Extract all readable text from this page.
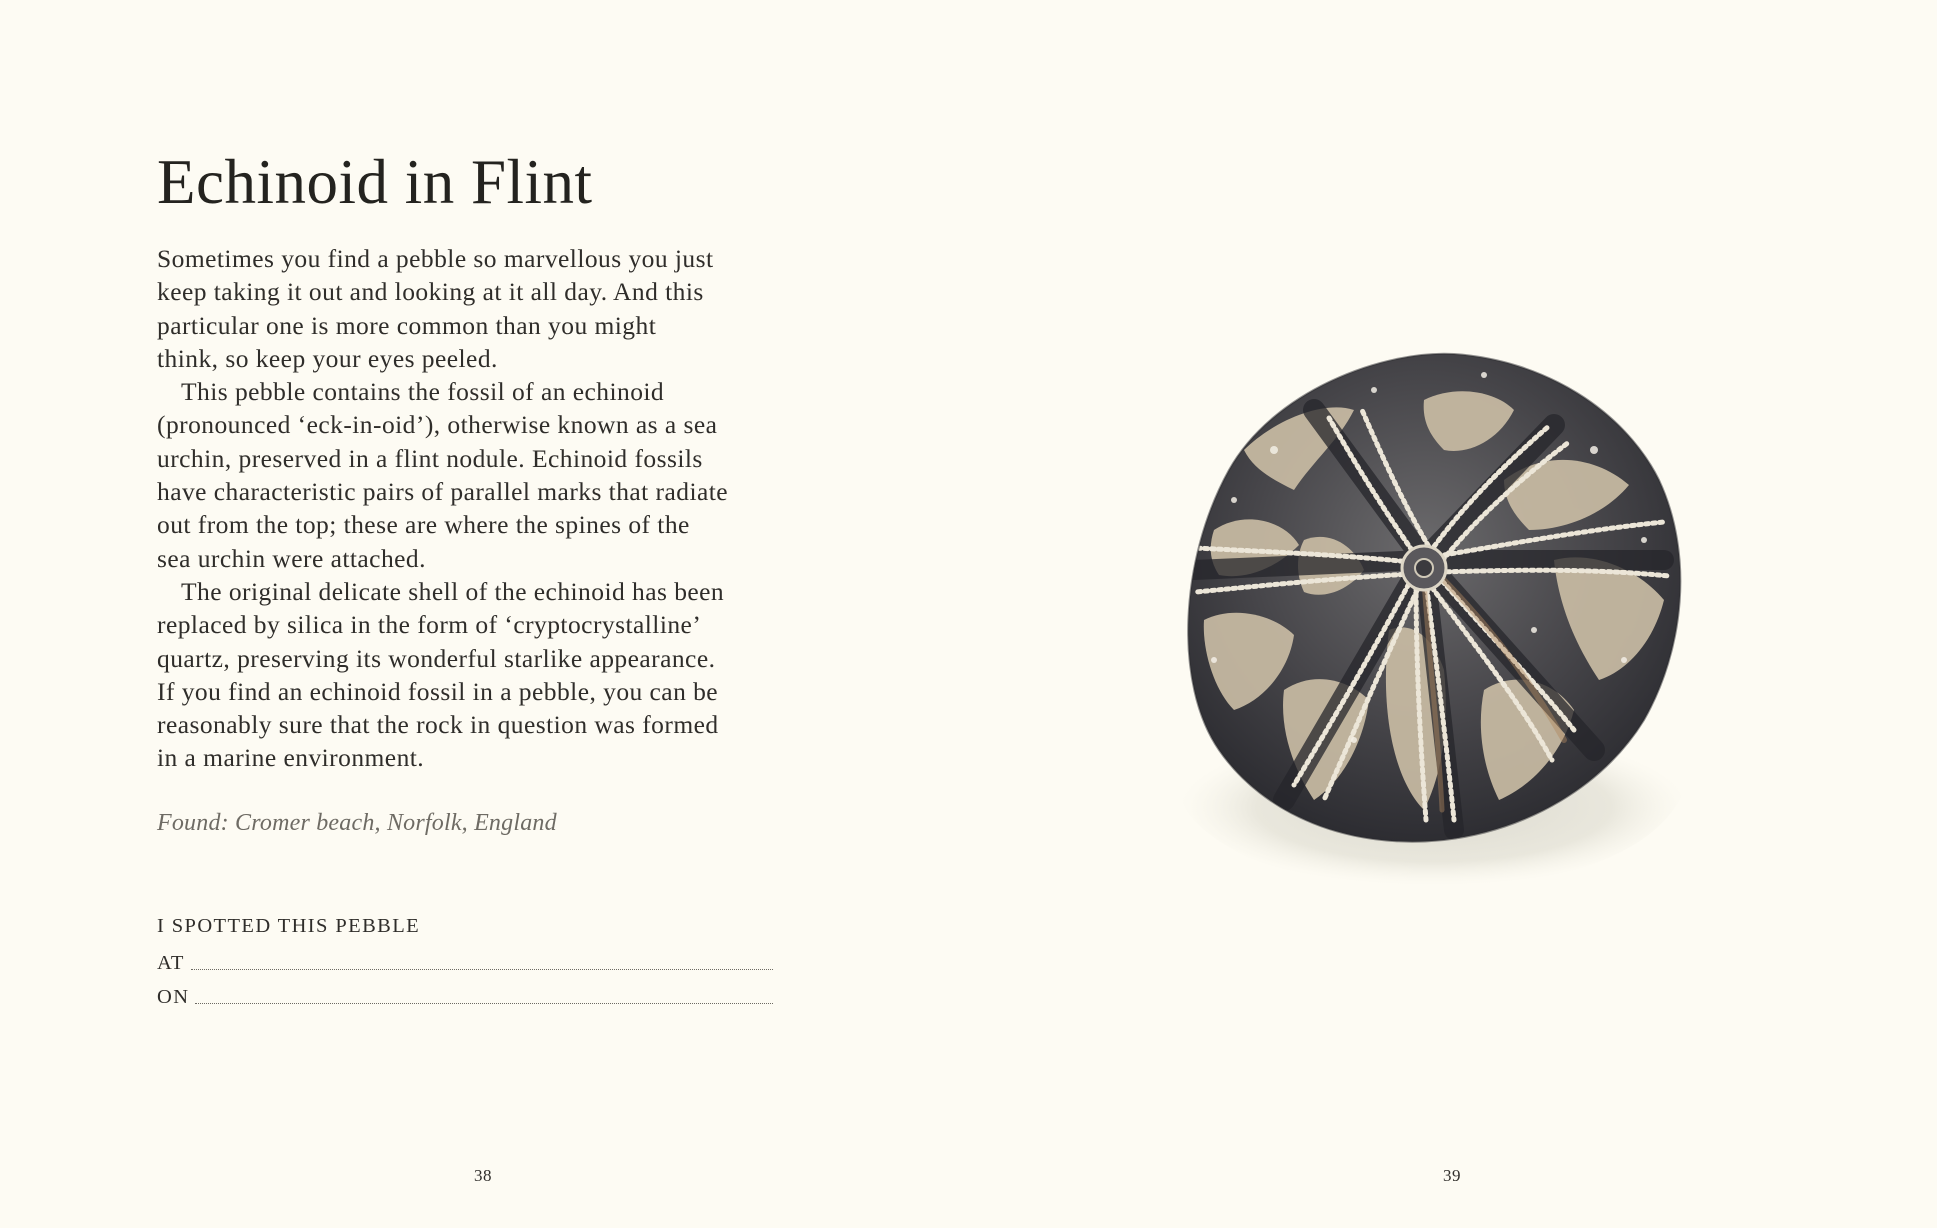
Echinoid in Flint

Sometimes you find a pebble so marvellous you just
keep taking it out and looking at it all day. And this
particular one is more common than you might
think, so keep your eyes peeled.

This pebble contains the fossil of an echinoid
(pronounced ‘eck-in-oid’), otherwise known as a sea
urchin, preserved in a flint nodule. Echinoid fossils
have characteristic pairs of parallel marks that radiate
out from the top; these are where the spines of the
sea urchin were attached.

The original delicate shell of the echinoid has been
replaced by silica in the form of ‘cryptocrystalline’
quartz, preserving its wonderful starlike appearance.
If you find an echinoid fossil in a pebble, you can be
reasonably sure that the rock in question was formed
in a marine environment.

Found: Cromer beach, Norfolk, England
I SPOTTED THIS PEBBLE
AT
ON
38	39
